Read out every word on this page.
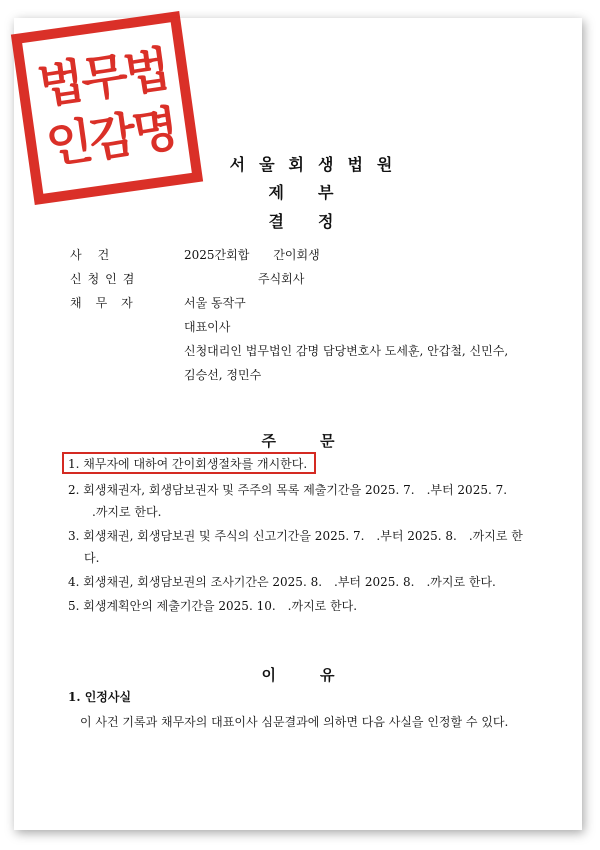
법무법
인감명	서울회생법원
제부
결정
사건	2025간회합　　간이회생
신청인겸	주식회사
채무자	서울 동작구
대표이사
신청대리인 법무법인 감명 담당변호사 도세훈, 안갑철, 신민수,
김승선, 정민수
주문
1. 채무자에 대하여 간이회생절차를 개시한다.
2. 회생채권자, 회생담보권자 및 주주의 목록 제출기간을 2025. 7.　.부터 2025. 7.
　.까지로 한다.
3. 회생채권, 회생담보권 및 주식의 신고기간을 2025. 7.　.부터 2025. 8.　.까지로 한
다.
4. 회생채권, 회생담보권의 조사기간은 2025. 8.　.부터 2025. 8.　.까지로 한다.
5. 회생계획안의 제출기간을 2025. 10.　.까지로 한다.
이유
1. 인정사실
이 사건 기록과 채무자의 대표이사 심문결과에 의하면 다음 사실을 인정할 수 있다.
